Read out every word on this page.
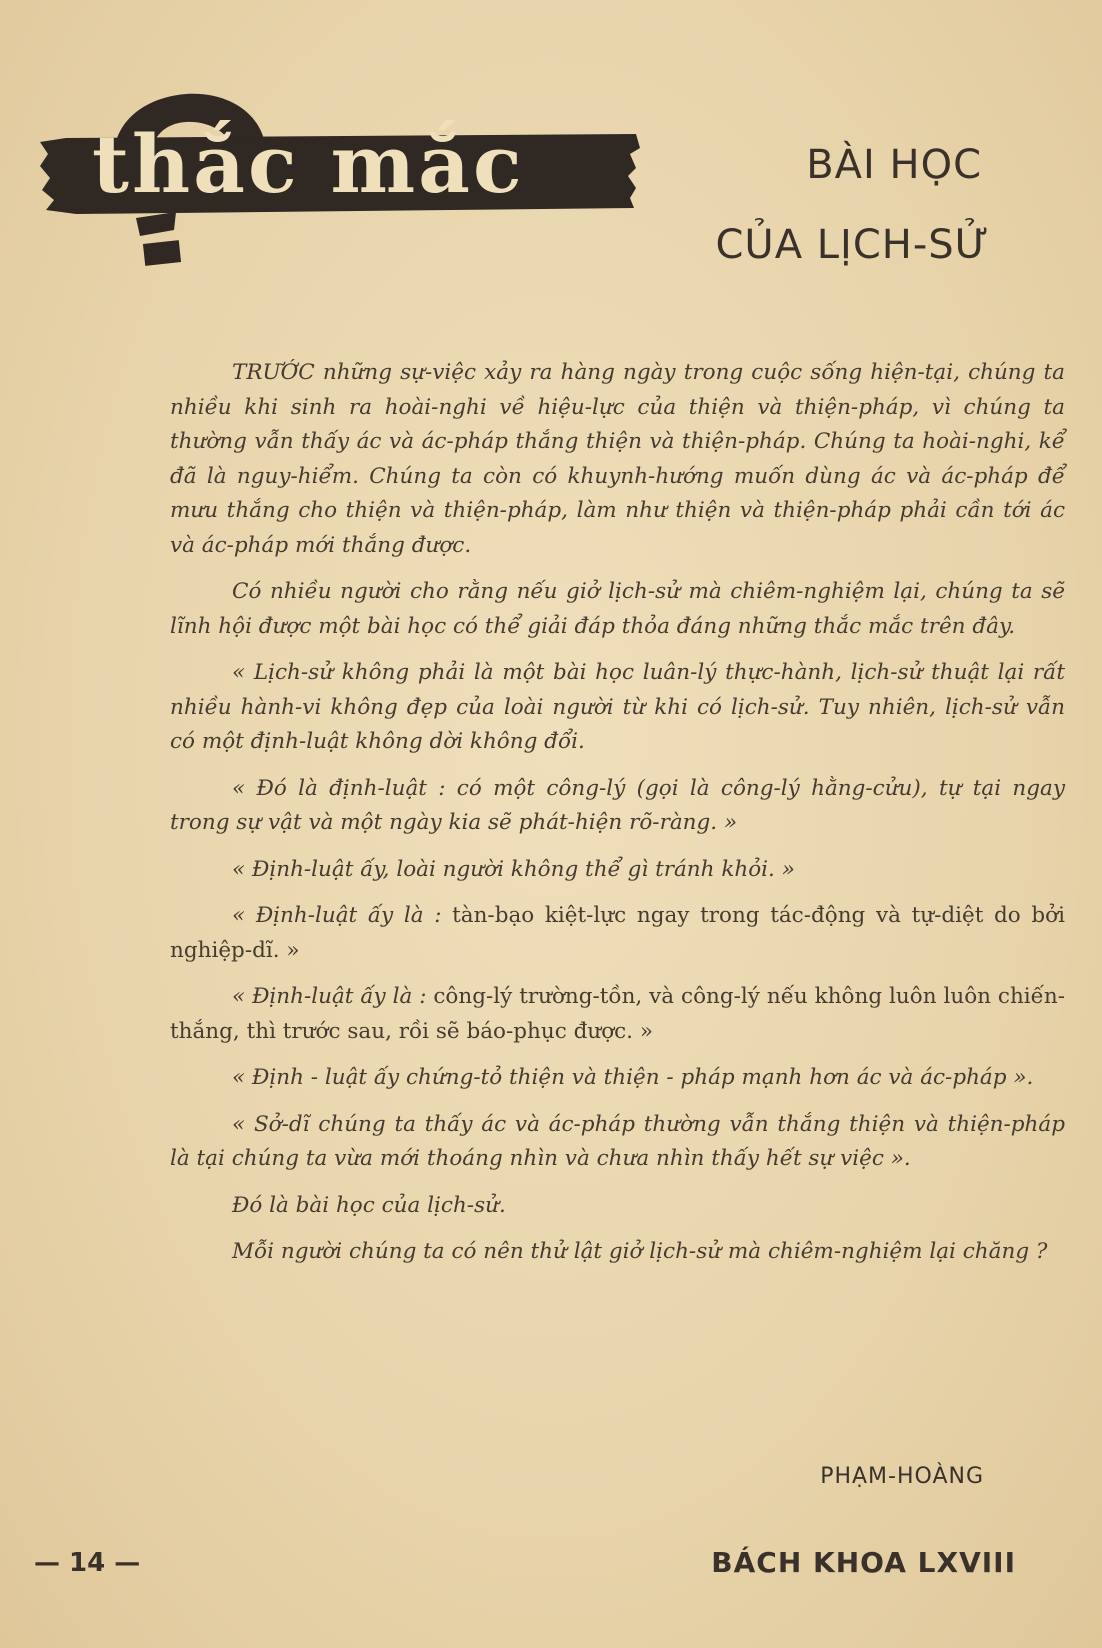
thắc mắc	BÀI HỌC
CỦA LỊCH-SỬ

TRƯỚC những sự-việc xảy ra hàng ngày trong cuộc sống hiện-tại, chúng ta nhiều khi sinh ra hoài-nghi về hiệu-lực của thiện và thiện-pháp, vì chúng ta thường vẫn thấy ác và ác-pháp thắng thiện và thiện-pháp. Chúng ta hoài-nghi, kể đã là nguy-hiểm. Chúng ta còn có khuynh-hướng muốn dùng ác và ác-pháp để mưu thắng cho thiện và thiện-pháp, làm như thiện và thiện-pháp phải cần tới ác và ác-pháp mới thắng được.

Có nhiều người cho rằng nếu giở lịch-sử mà chiêm-nghiệm lại, chúng ta sẽ lĩnh hội được một bài học có thể giải đáp thỏa đáng những thắc mắc trên đây.

« Lịch-sử không phải là một bài học luân-lý thực-hành, lịch-sử thuật lại rất nhiều hành-vi không đẹp của loài người từ khi có lịch-sử. Tuy nhiên, lịch-sử vẫn có một định-luật không dời không đổi.

« Đó là định-luật : có một công-lý (gọi là công-lý hằng-cửu), tự tại ngay trong sự vật và một ngày kia sẽ phát-hiện rõ-ràng. »

« Định-luật ấy, loài người không thể gì tránh khỏi. »

« Định-luật ấy là : tàn-bạo kiệt-lực ngay trong tác-động và tự-diệt do bởi nghiệp-dĩ. »

« Định-luật ấy là : công-lý trường-tồn, và công-lý nếu không luôn luôn chiến-thắng, thì trước sau, rồi sẽ báo-phục được. »

« Định - luật ấy chứng-tỏ thiện và thiện - pháp mạnh hơn ác và ác-pháp ».

« Sở-dĩ chúng ta thấy ác và ác-pháp thường vẫn thắng thiện và thiện-pháp là tại chúng ta vừa mới thoáng nhìn và chưa nhìn thấy hết sự việc ».

Đó là bài học của lịch-sử.

Mỗi người chúng ta có nên thử lật giở lịch-sử mà chiêm-nghiệm lại chăng ?

PHẠM-HOÀNG
— 14 —	BÁCH KHOA LXVIII
